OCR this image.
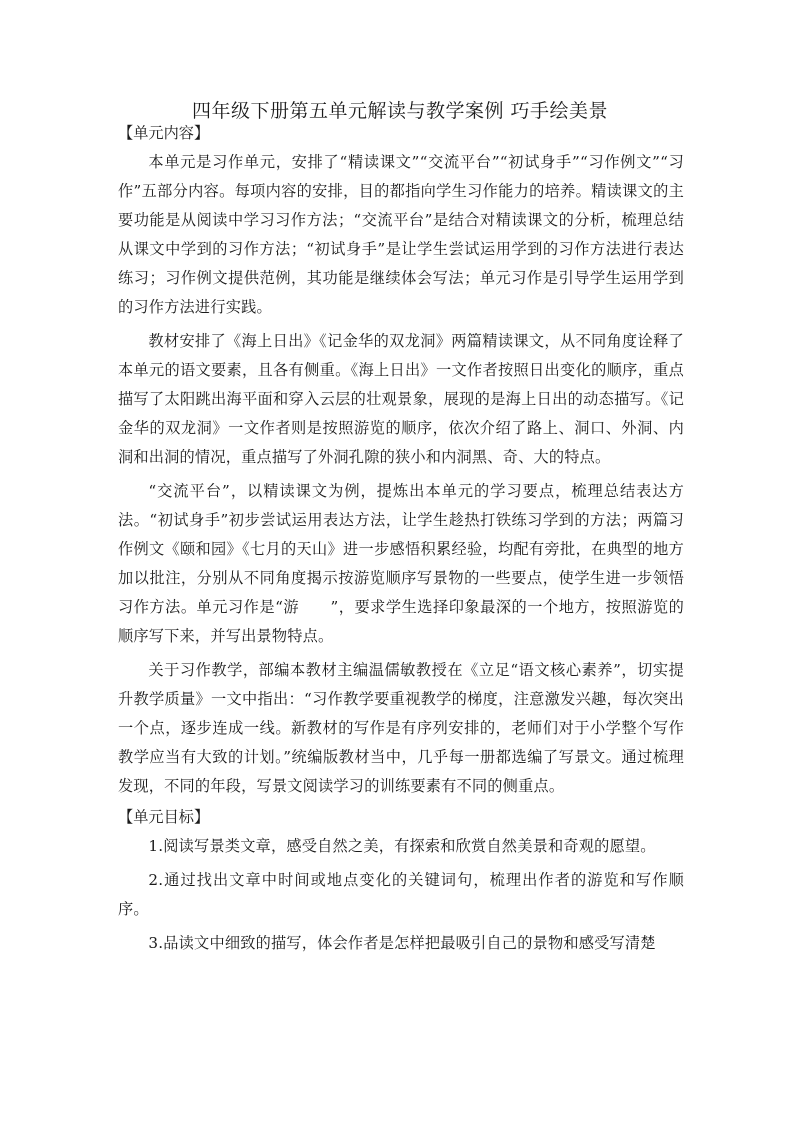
四年级下册第五单元解读与教学案例 巧手绘美景
【单元内容】

本单元是习作单元，安排了“精读课文”“交流平台”“初试身手”“习作例文”“习作”五部分内容。每项内容的安排，目的都指向学生习作能力的培养。精读课文的主要功能是从阅读中学习习作方法；“交流平台”是结合对精读课文的分析，梳理总结从课文中学到的习作方法；“初试身手”是让学生尝试运用学到的习作方法进行表达练习；习作例文提供范例，其功能是继续体会写法；单元习作是引导学生运用学到的习作方法进行实践。

教材安排了《海上日出》《记金华的双龙洞》两篇精读课文，从不同角度诠释了本单元的语文要素，且各有侧重。《海上日出》一文作者按照日出变化的顺序，重点描写了太阳跳出海平面和穿入云层的壮观景象，展现的是海上日出的动态描写。《记金华的双龙洞》一文作者则是按照游览的顺序，依次介绍了路上、洞口、外洞、内洞和出洞的情况，重点描写了外洞孔隙的狭小和内洞黑、奇、大的特点。

“交流平台”，以精读课文为例，提炼出本单元的学习要点，梳理总结表达方法。“初试身手”初步尝试运用表达方法，让学生趁热打铁练习学到的方法；两篇习作例文《颐和园》《七月的天山》进一步感悟积累经验，均配有旁批，在典型的地方加以批注，分别从不同角度揭示按游览顺序写景物的一些要点，使学生进一步领悟习作方法。单元习作是“游　　”，要求学生选择印象最深的一个地方，按照游览的顺序写下来，并写出景物特点。

关于习作教学，部编本教材主编温儒敏教授在《立足“语文核心素养”，切实提升教学质量》一文中指出：“习作教学要重视教学的梯度，注意激发兴趣，每次突出一个点，逐步连成一线。新教材的写作是有序列安排的，老师们对于小学整个写作教学应当有大致的计划。”统编版教材当中，几乎每一册都选编了写景文。通过梳理发现，不同的年段，写景文阅读学习的训练要素有不同的侧重点。

【单元目标】

1.阅读写景类文章，感受自然之美，有探索和欣赏自然美景和奇观的愿望。

2.通过找出文章中时间或地点变化的关键词句，梳理出作者的游览和写作顺序。

3.品读文中细致的描写，体会作者是怎样把最吸引自己的景物和感受写清楚
